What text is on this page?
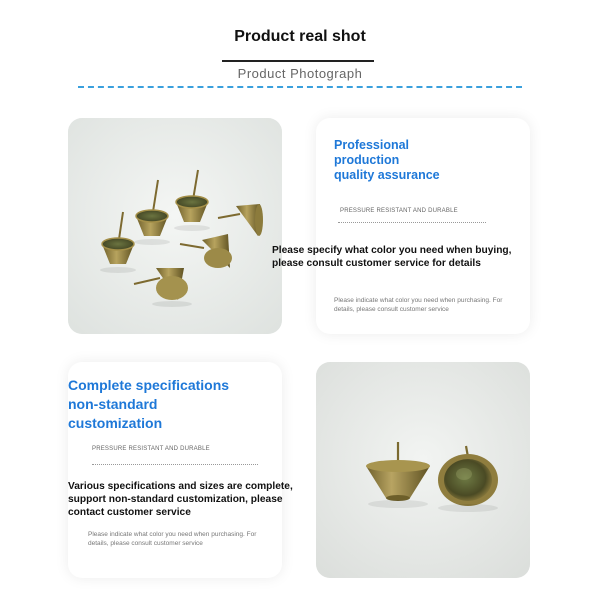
Product real shot
Product Photograph
Professional
production
quality assurance
PRESSURE RESISTANT AND DURABLE
Please indicate what color you need when purchasing. For details, please consult customer service
Please specify what color you need when buying,
please consult customer service for details
Complete specifications
non-standard
customization
PRESSURE RESISTANT AND DURABLE
Please indicate what color you need when purchasing. For details, please consult customer service
Various specifications and sizes are complete,
support non-standard customization, please
contact customer service
